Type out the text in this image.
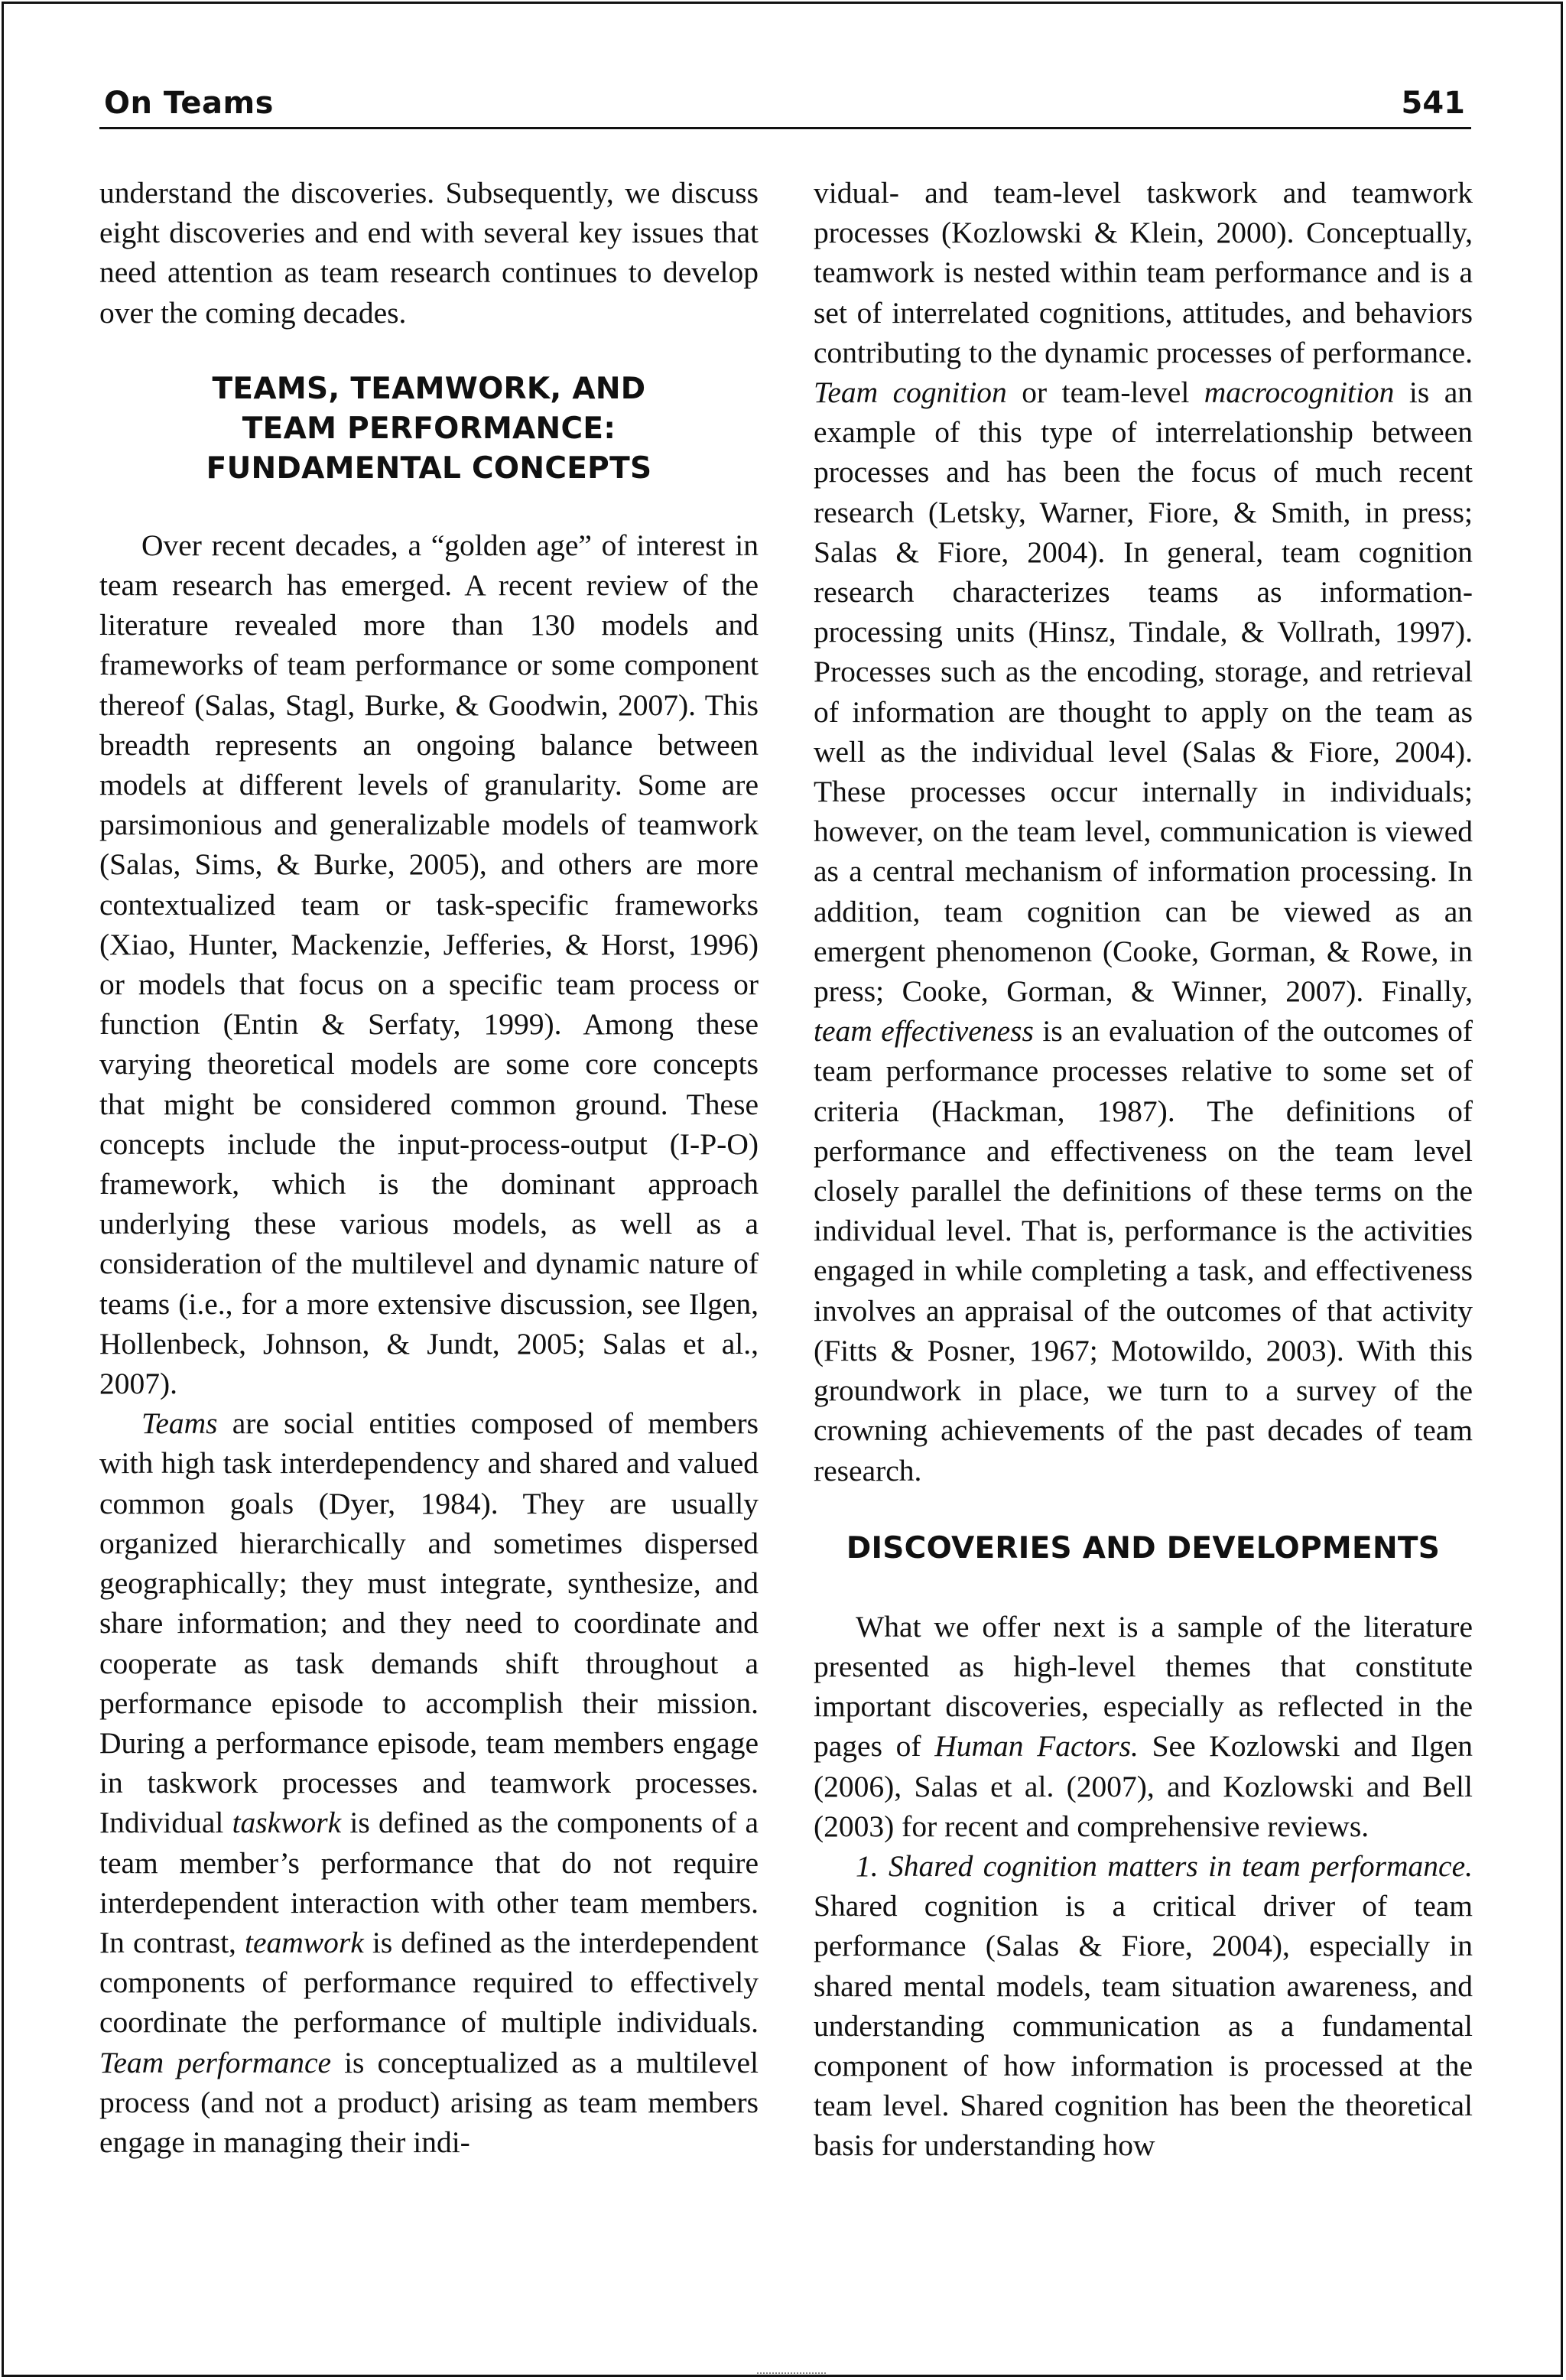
On Teams	541

understand the discoveries. Subsequently, we discuss eight discoveries and end with several key issues that need attention as team research continues to develop over the coming decades.

TEAMS, TEAMWORK, AND
TEAM PERFORMANCE:
FUNDAMENTAL CONCEPTS

Over recent decades, a “golden age” of interest in team research has emerged. A recent review of the literature revealed more than 130 models and frameworks of team performance or some component thereof (Salas, Stagl, Burke, & Goodwin, 2007). This breadth represents an ongoing balance between models at different levels of granularity. Some are parsimonious and generalizable models of teamwork (Salas, Sims, & Burke, 2005), and others are more contextualized team or task-specific frameworks (Xiao, Hunter, Mackenzie, Jefferies, & Horst, 1996) or models that focus on a specific team process or function (Entin & Serfaty, 1999). Among these varying theoretical models are some core concepts that might be considered common ground. These concepts include the input-process-output (I-P-O) framework, which is the dominant approach underlying these various models, as well as a consideration of the multilevel and dynamic nature of teams (i.e., for a more extensive discussion, see Ilgen, Hollenbeck, Johnson, & Jundt, 2005; Salas et al., 2007).

Teams are social entities composed of members with high task interdependency and shared and valued common goals (Dyer, 1984). They are usually organized hierarchically and sometimes dispersed geographically; they must integrate, synthesize, and share information; and they need to coordinate and cooperate as task demands shift throughout a performance episode to accomplish their mission. During a performance episode, team members engage in taskwork processes and teamwork processes. Individual taskwork is defined as the components of a team member’s performance that do not require interdependent interaction with other team members. In contrast, teamwork is defined as the interdependent components of performance required to effectively coordinate the performance of multiple individuals. Team performance is conceptualized as a multilevel process (and not a product) arising as team members engage in managing their indi-

vidual- and team-level taskwork and teamwork processes (Kozlowski & Klein, 2000). Conceptually, teamwork is nested within team performance and is a set of interrelated cognitions, attitudes, and behaviors contributing to the dynamic processes of performance. Team cognition or team-level macrocognition is an example of this type of interrelationship between processes and has been the focus of much recent research (Letsky, Warner, Fiore, & Smith, in press; Salas & Fiore, 2004). In general, team cognition research characterizes teams as information-processing units (Hinsz, Tindale, & Vollrath, 1997). Processes such as the encoding, storage, and retrieval of information are thought to apply on the team as well as the individual level (Salas & Fiore, 2004). These processes occur internally in individuals; however, on the team level, communication is viewed as a central mechanism of information processing. In addition, team cognition can be viewed as an emergent phenomenon (Cooke, Gorman, & Rowe, in press; Cooke, Gorman, & Winner, 2007). Finally, team effectiveness is an evaluation of the outcomes of team performance processes relative to some set of criteria (Hackman, 1987). The definitions of performance and effectiveness on the team level closely parallel the definitions of these terms on the individual level. That is, performance is the activities engaged in while completing a task, and effectiveness involves an appraisal of the outcomes of that activity (Fitts & Posner, 1967; Motowildo, 2003). With this groundwork in place, we turn to a survey of the crowning achievements of the past decades of team research.

DISCOVERIES AND DEVELOPMENTS

What we offer next is a sample of the literature presented as high-level themes that constitute important discoveries, especially as reflected in the pages of Human Factors. See Kozlowski and Ilgen (2006), Salas et al. (2007), and Kozlowski and Bell (2003) for recent and comprehensive reviews.

1. Shared cognition matters in team performance. Shared cognition is a critical driver of team performance (Salas & Fiore, 2004), especially in shared mental models, team situation awareness, and understanding communication as a fundamental component of how information is processed at the team level. Shared cognition has been the theoretical basis for understanding how
